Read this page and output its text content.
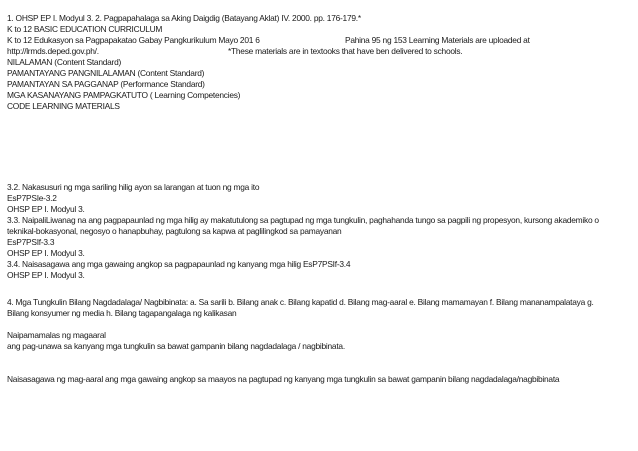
1. OHSP EP I. Modyul 3. 2. Pagpapahalaga sa Aking Daigdig (Batayang Aklat) IV. 2000. pp. 176-179.*
K to 12 BASIC EDUCATION CURRICULUM
K to 12 Edukasyon sa Pagpapakatao Gabay Pangkurikulum Mayo 201 6	Pahina 95 ng 153 Learning Materials are uploaded at
http://lrmds.deped.gov.ph/.	*These materials are in textooks that have ben delivered to schools.
NILALAMAN (Content Standard)
PAMANTAYANG PANGNILALAMAN (Content Standard)
PAMANTAYAN SA PAGGANAP (Performance Standard)
MGA KASANAYANG PAMPAGKATUTO ( Learning Competencies)
CODE LEARNING MATERIALS
3.2. Nakasusuri ng mga sariling hilig ayon sa larangan at tuon ng mga ito
EsP7PSIe-3.2
OHSP EP I. Modyul 3.
3.3. NaipaliLiwanag na ang pagpapaunlad ng mga hilig ay makatutulong sa pagtupad ng mga tungkulin, paghahanda tungo sa pagpili ng propesyon, kursong akademiko o
teknikal-bokasyonal, negosyo o hanapbuhay, pagtulong sa kapwa at paglilingkod sa pamayanan
EsP7PSIf-3.3
OHSP EP I. Modyul 3.
3.4. Naisasagawa ang mga gawaing angkop sa pagpapaunlad ng kanyang mga hilig EsP7PSIf-3.4
OHSP EP I. Modyul 3.
4. Mga Tungkulin Bilang Nagdadalaga/ Nagbibinata: a. Sa sarili b. Bilang anak c. Bilang kapatid d. Bilang mag-aaral e. Bilang mamamayan f. Bilang mananampalataya g.
Bilang konsyumer ng media h. Bilang tagapangalaga ng kalikasan
Naipamamalas ng magaaral
ang pag-unawa sa kanyang mga tungkulin sa bawat gampanin bilang nagdadalaga / nagbibinata.
Naisasagawa ng mag-aaral ang mga gawaing angkop sa maayos na pagtupad ng kanyang mga tungkulin sa bawat gampanin bilang nagdadalaga/nagbibinata
